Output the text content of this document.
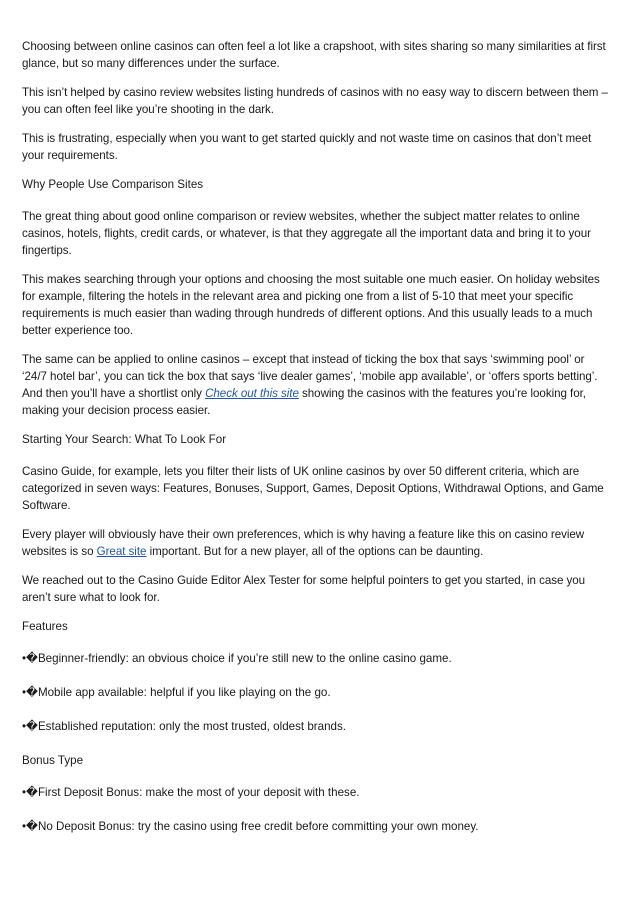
Choosing between online casinos can often feel a lot like a crapshoot, with sites sharing so many similarities at first glance, but so many differences under the surface.

This isn’t helped by casino review websites listing hundreds of casinos with no easy way to discern between them – you can often feel like you’re shooting in the dark.

This is frustrating, especially when you want to get started quickly and not waste time on casinos that don’t meet your requirements.

Why People Use Comparison Sites

The great thing about good online comparison or review websites, whether the subject matter relates to online casinos, hotels, flights, credit cards, or whatever, is that they aggregate all the important data and bring it to your fingertips.

This makes searching through your options and choosing the most suitable one much easier. On holiday websites for example, filtering the hotels in the relevant area and picking one from a list of 5-10 that meet your specific requirements is much easier than wading through hundreds of different options. And this usually leads to a much better experience too.

The same can be applied to online casinos – except that instead of ticking the box that says ‘swimming pool’ or ‘24/7 hotel bar’, you can tick the box that says ‘live dealer games’, ‘mobile app available’, or ‘offers sports betting’. And then you’ll have a shortlist only Check out this site showing the casinos with the features you’re looking for, making your decision process easier.

Starting Your Search: What To Look For

Casino Guide, for example, lets you filter their lists of UK online casinos by over 50 different criteria, which are categorized in seven ways: Features, Bonuses, Support, Games, Deposit Options, Withdrawal Options, and Game Software.

Every player will obviously have their own preferences, which is why having a feature like this on casino review websites is so Great site important. But for a new player, all of the options can be daunting.

We reached out to the Casino Guide Editor Alex Tester for some helpful pointers to get you started, in case you aren’t sure what to look for.

Features

•�Beginner-friendly: an obvious choice if you’re still new to the online casino game.

•�Mobile app available: helpful if you like playing on the go.

•�Established reputation: only the most trusted, oldest brands.

Bonus Type

•�First Deposit Bonus: make the most of your deposit with these.

•�No Deposit Bonus: try the casino using free credit before committing your own money.
